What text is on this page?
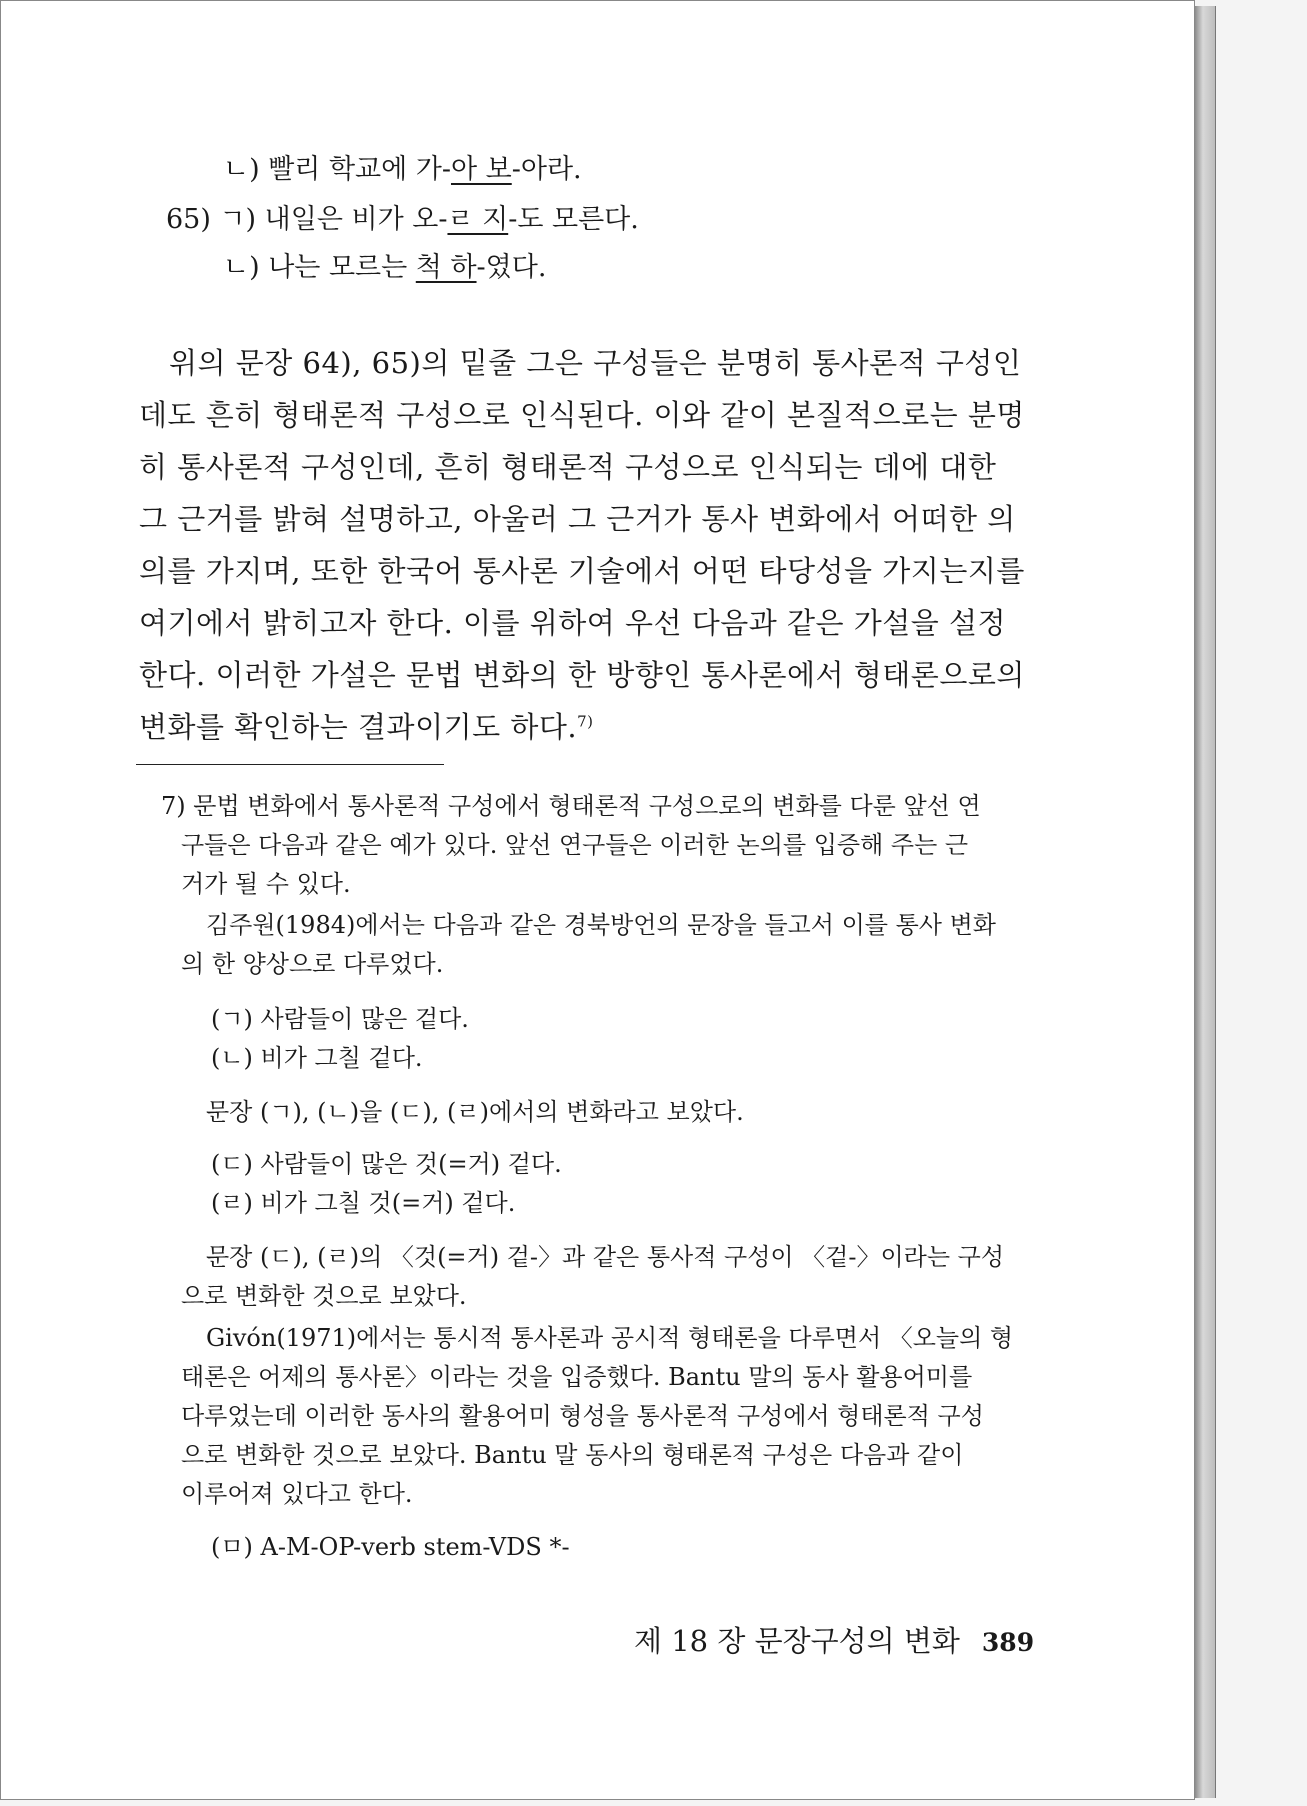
ㄴ) 빨리 학교에 가-아 보-아라.
65) ㄱ) 내일은 비가 오-ㄹ 지-도 모른다.
ㄴ) 나는 모르는 척 하-였다.
위의 문장 64), 65)의 밑줄 그은 구성들은 분명히 통사론적 구성인
데도 흔히 형태론적 구성으로 인식된다. 이와 같이 본질적으로는 분명
히 통사론적 구성인데, 흔히 형태론적 구성으로 인식되는 데에 대한
그 근거를 밝혀 설명하고, 아울러 그 근거가 통사 변화에서 어떠한 의
의를 가지며, 또한 한국어 통사론 기술에서 어떤 타당성을 가지는지를
여기에서 밝히고자 한다. 이를 위하여 우선 다음과 같은 가설을 설정
한다. 이러한 가설은 문법 변화의 한 방향인 통사론에서 형태론으로의
변화를 확인하는 결과이기도 하다.$^{7)}$
7) 문법 변화에서 통사론적 구성에서 형태론적 구성으로의 변화를 다룬 앞선 연
구들은 다음과 같은 예가 있다. 앞선 연구들은 이러한 논의를 입증해 주는 근
거가 될 수 있다.
김주원(1984)에서는 다음과 같은 경북방언의 문장을 들고서 이를 통사 변화
의 한 양상으로 다루었다.
(ㄱ) 사람들이 많은 겉다.
(ㄴ) 비가 그칠 겉다.
문장 (ㄱ), (ㄴ)을 (ㄷ), (ㄹ)에서의 변화라고 보았다.
(ㄷ) 사람들이 많은 것(=거) 겉다.
(ㄹ) 비가 그칠 것(=거) 겉다.
문장 (ㄷ), (ㄹ)의 〈것(=거) 겉-〉과 같은 통사적 구성이 〈겉-〉이라는 구성
으로 변화한 것으로 보았다.
Givón(1971)에서는 통시적 통사론과 공시적 형태론을 다루면서 〈오늘의 형
태론은 어제의 통사론〉이라는 것을 입증했다. Bantu 말의 동사 활용어미를
다루었는데 이러한 동사의 활용어미 형성을 통사론적 구성에서 형태론적 구성
으로 변화한 것으로 보았다. Bantu 말 동사의 형태론적 구성은 다음과 같이
이루어져 있다고 한다.
(ㅁ) A-M-OP-verb stem-VDS *-
제 18 장 문장구성의 변화 389
